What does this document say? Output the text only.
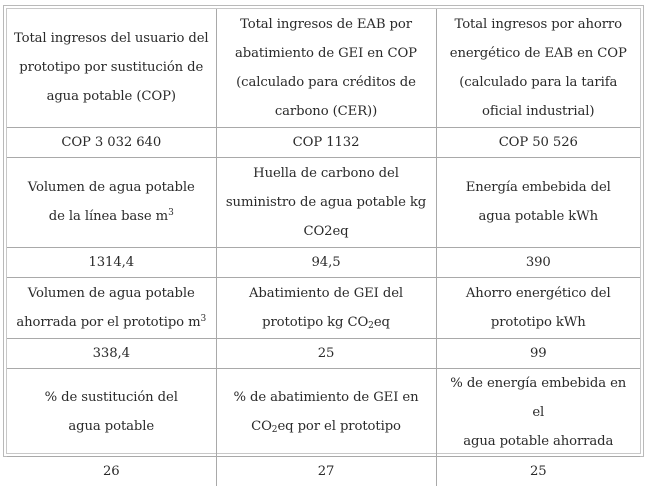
Total ingresos del usuario del
prototipo por sustitución de
agua potable (COP)	Total ingresos de EAB por
abatimiento de GEI en COP
(calculado para créditos de
carbono (CER))	Total ingresos por ahorro
energético de EAB en COP
(calculado para la tarifa
oficial industrial)

COP 3 032 640	COP 1132	COP 50 526

Volumen de agua potable
de la línea base $m^3$	Huella de carbono del
suministro de agua potable kg
CO2eq	Energía embebida del
agua potable kWh

1314,4	94,5	390

Volumen de agua potable
ahorrada por el prototipo $m^3$	Abatimiento de GEI del
prototipo kg $CO_2eq$	Ahorro energético del
prototipo kWh

338,4	25	99

% de sustitución del
agua potable	% de abatimiento de GEI en
$CO_2eq$ por el prototipo	% de energía embebida en el
agua potable ahorrada

26	27	25
